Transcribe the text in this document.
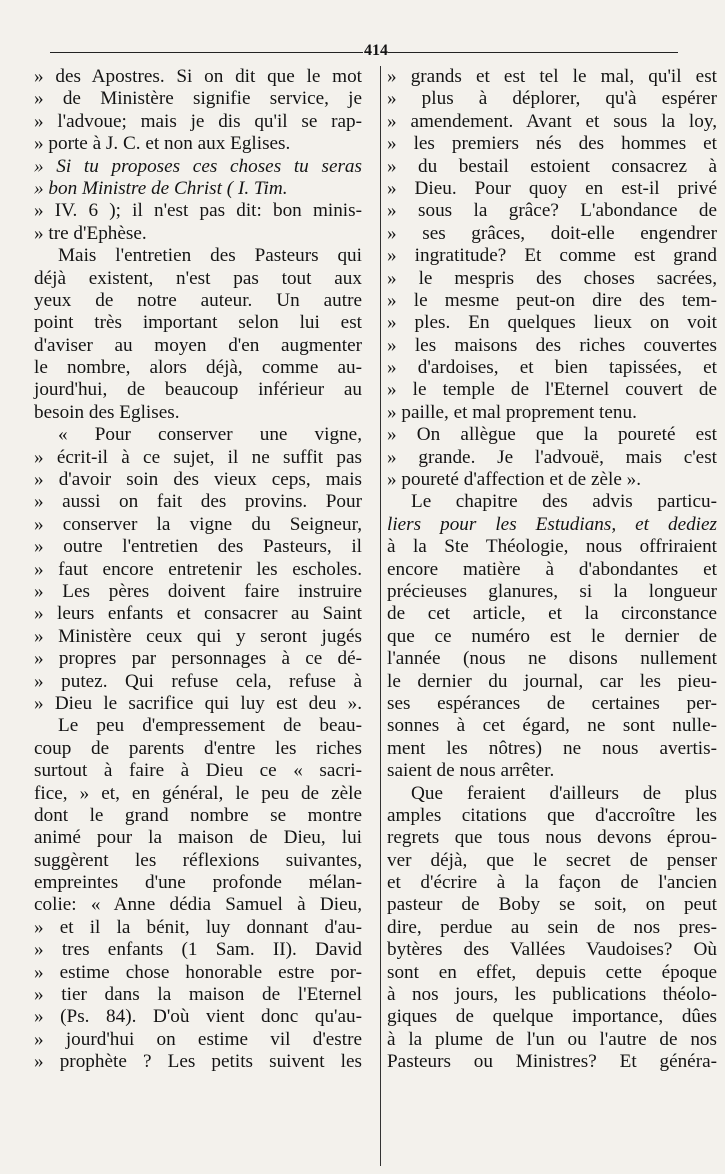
414
» des Apostres. Si on dit que le mot
» de Ministère signifie service, je
» l'advoue; mais je dis qu'il se rap-
» porte à J. C. et non aux Eglises.
» Si tu proposes ces choses tu seras
» bon Ministre de Christ ( I. Tim.
» IV. 6 ); il n'est pas dit: bon minis-
» tre d'Ephèse.
Mais l'entretien des Pasteurs qui
déjà existent, n'est pas tout aux
yeux de notre auteur. Un autre
point très important selon lui est
d'aviser au moyen d'en augmenter
le nombre, alors déjà, comme au-
jourd'hui, de beaucoup inférieur au
besoin des Eglises.
« Pour conserver une vigne,
» écrit-il à ce sujet, il ne suffit pas
» d'avoir soin des vieux ceps, mais
» aussi on fait des provins. Pour
» conserver la vigne du Seigneur,
» outre l'entretien des Pasteurs, il
» faut encore entretenir les escholes.
» Les pères doivent faire instruire
» leurs enfants et consacrer au Saint
» Ministère ceux qui y seront jugés
» propres par personnages à ce dé-
» putez. Qui refuse cela, refuse à
» Dieu le sacrifice qui luy est deu ».
Le peu d'empressement de beau-
coup de parents d'entre les riches
surtout à faire à Dieu ce « sacri-
fice, » et, en général, le peu de zèle
dont le grand nombre se montre
animé pour la maison de Dieu, lui
suggèrent les réflexions suivantes,
empreintes d'une profonde mélan-
colie: « Anne dédia Samuel à Dieu,
» et il la bénit, luy donnant d'au-
» tres enfants (1 Sam. II). David
» estime chose honorable estre por-
» tier dans la maison de l'Eternel
» (Ps. 84). D'où vient donc qu'au-
» jourd'hui on estime vil d'estre
» prophète ? Les petits suivent les
» grands et est tel le mal, qu'il est
» plus à déplorer, qu'à espérer
» amendement. Avant et sous la loy,
» les premiers nés des hommes et
» du bestail estoient consacrez à
» Dieu. Pour quoy en est-il privé
» sous la grâce? L'abondance de
» ses grâces, doit-elle engendrer
» ingratitude? Et comme est grand
» le mespris des choses sacrées,
» le mesme peut-on dire des tem-
» ples. En quelques lieux on voit
» les maisons des riches couvertes
» d'ardoises, et bien tapissées, et
» le temple de l'Eternel couvert de
» paille, et mal proprement tenu.
» On allègue que la poureté est
» grande. Je l'advouë, mais c'est
» poureté d'affection et de zèle ».
Le chapitre des advis particu-
liers pour les Estudians, et dediez
à la Ste Théologie, nous offriraient
encore matière à d'abondantes et
précieuses glanures, si la longueur
de cet article, et la circonstance
que ce numéro est le dernier de
l'année (nous ne disons nullement
le dernier du journal, car les pieu-
ses espérances de certaines per-
sonnes à cet égard, ne sont nulle-
ment les nôtres) ne nous avertis-
saient de nous arrêter.
Que feraient d'ailleurs de plus
amples citations que d'accroître les
regrets que tous nous devons éprou-
ver déjà, que le secret de penser
et d'écrire à la façon de l'ancien
pasteur de Boby se soit, on peut
dire, perdue au sein de nos pres-
bytères des Vallées Vaudoises? Où
sont en effet, depuis cette époque
à nos jours, les publications théolo-
giques de quelque importance, dûes
à la plume de l'un ou l'autre de nos
Pasteurs ou Ministres? Et généra-
